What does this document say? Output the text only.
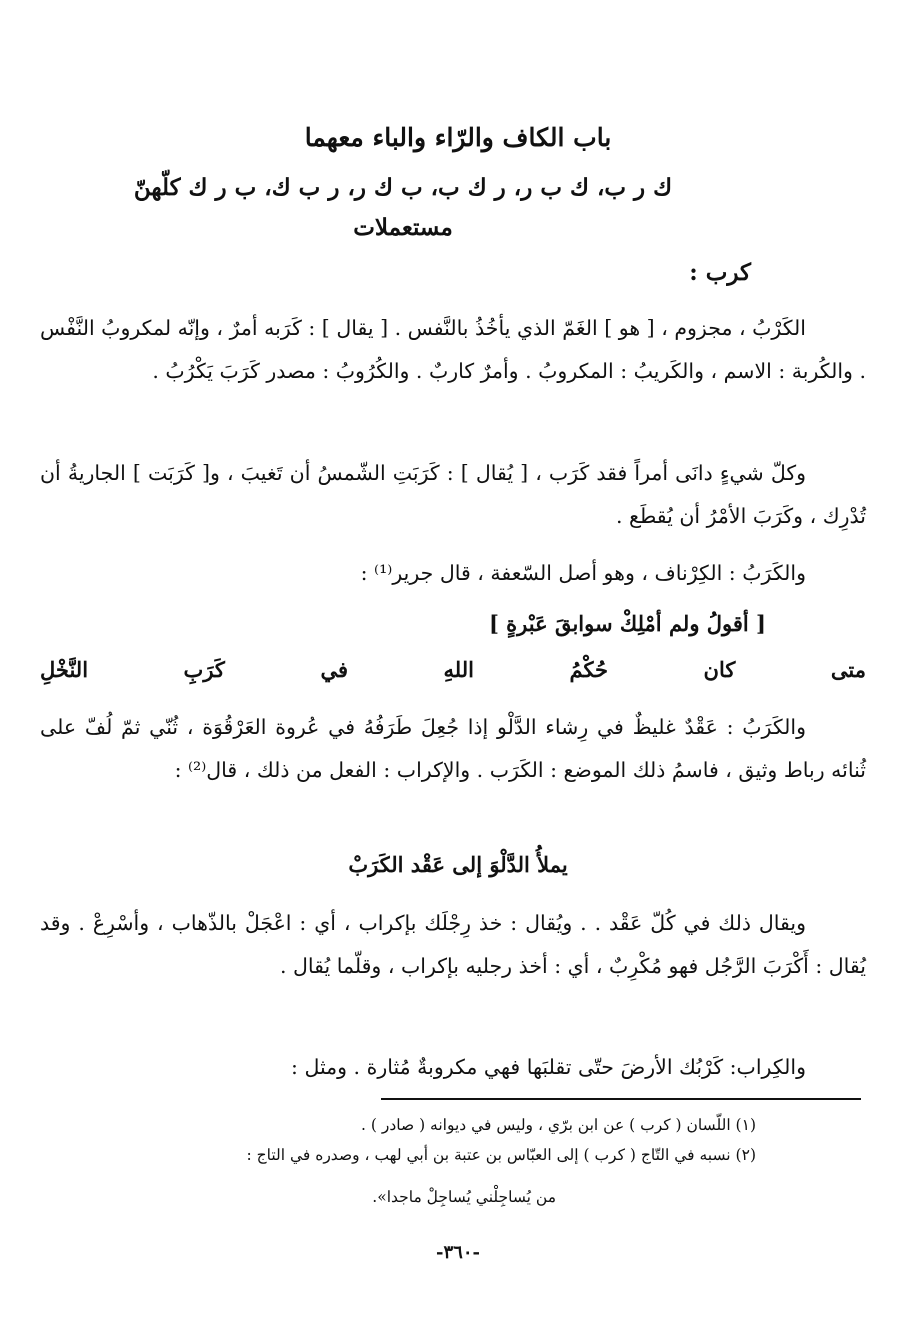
باب الكاف والرّاء والباء معهما
ك ر ب، ك ب ر، ر ك ب، ب ك ر، ر ب ك، ب ر ك كلّهنّ مستعملات
كرب :

الكَرْبُ ، مجزوم ، [ هو ] الغَمّ الذي يأخُذُ بالنَّفس . [ يقال ] : كَرَبه أمرٌ ، وإنّه لمكروبُ النَّفْس . والكُربة : الاسم ، والكَريبُ : المكروبُ . وأمرٌ كاربٌ . والكُرُوبُ : مصدر كَرَبَ يَكْرُبُ .

وكلّ شيءٍ دانَى أمراً فقد كَرَب ، [ يُقال ] : كَرَبَتِ الشّمسُ أن تَغيبَ ، و[ كَرَبَت ] الجاريةُ أن تُدْرِك ، وكَرَبَ الأمْرُ أن يُقطَع .

والكَرَبُ : الكِرْناف ، وهو أصل السّعفة ، قال جرير⁽¹⁾ :

[ أقولُ ولم أمْلِكْ سوابقَ عَبْرةٍ ]
متى كان حُكْمُ اللهِ في كَرَبِ النَّخْلِ

والكَرَبُ : عَقْدٌ غليظٌ في رِشاء الدَّلْو إذا جُعِلَ طَرَفُهُ في عُروة العَرْقُوَة ، ثُنّي ثمّ لُفّ على ثُنائه رباط وثيق ، فاسمُ ذلك الموضع : الكَرَب . والإكراب : الفعل من ذلك ، قال⁽²⁾ :

يملأُ الدَّلْوَ إلى عَقْد الكَرَبْ

ويقال ذلك في كُلّ عَقْد . . ويُقال : خذ رِجْلَك بإكراب ، أي : اعْجَلْ بالذّهاب ، وأسْرِعْ . وقد يُقال : أَكْرَبَ الرَّجُل فهو مُكْرِبٌ ، أي : أخذ رجليه بإكراب ، وقلّما يُقال .

والكِراب: كَرْبُك الأرضَ حتّى تقلبَها فهي مكروبةٌ مُثارة . ومثل :

(١) اللّسان ( كرب ) عن ابن برّي ، وليس في ديوانه ( صادر ) .
(٢) نسبه في التّاج ( كرب ) إلى العبّاس بن عتبة بن أبي لهب ، وصدره في التاج :
من يُساجِلْني يُساجِلْ ماجدا».
-٣٦٠-
